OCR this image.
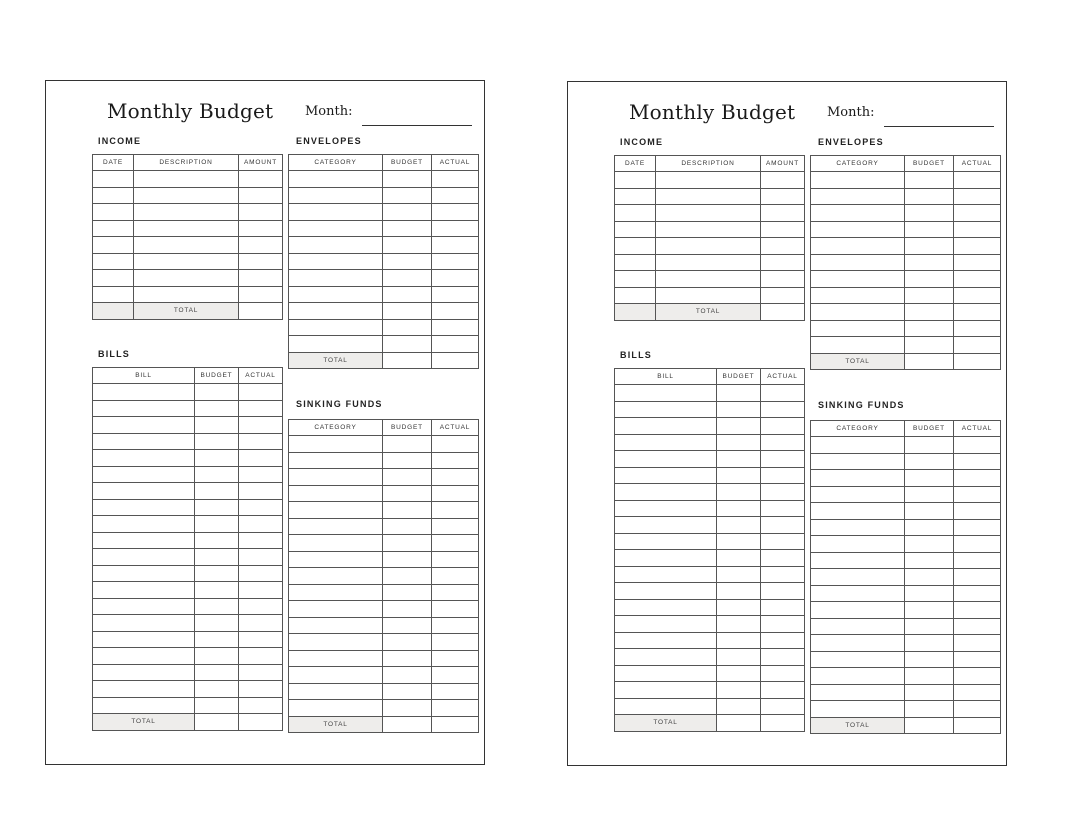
Monthly Budget Month:
INCOME
DATE	DESCRIPTION	AMOUNT

	TOTAL	
ENVELOPES
CATEGORY	BUDGET	ACTUAL

TOTAL		
BILLS
BILL	BUDGET	ACTUAL

TOTAL		
SINKING FUNDS
CATEGORY	BUDGET	ACTUAL

TOTAL		
Monthly Budget Month:
INCOME
DATE	DESCRIPTION	AMOUNT

	TOTAL	
ENVELOPES
CATEGORY	BUDGET	ACTUAL

TOTAL		
BILLS
BILL	BUDGET	ACTUAL

TOTAL		
SINKING FUNDS
CATEGORY	BUDGET	ACTUAL

TOTAL		
